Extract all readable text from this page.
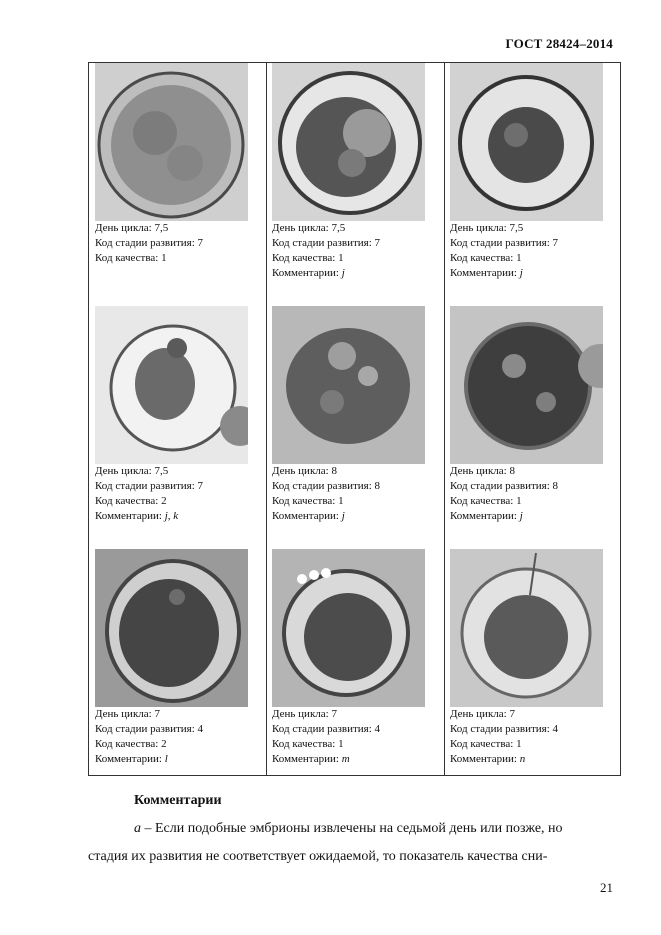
ГОСТ 28424–2014
День цикла: 7,5
Код стадии развития: 7
Код качества: 1
День цикла: 7,5
Код стадии развития: 7
Код качества: 1
Комментарии: j
День цикла: 7,5
Код стадии развития: 7
Код качества: 1
Комментарии: j
День цикла: 7,5
Код стадии развития: 7
Код качества: 2
Комментарии: j, k
День цикла: 8
Код стадии развития: 8
Код качества: 1
Комментарии: j
День цикла: 8
Код стадии развития: 8
Код качества: 1
Комментарии: j
День цикла: 7
Код стадии развития: 4
Код качества: 2
Комментарии: l
День цикла: 7
Код стадии развития: 4
Код качества: 1
Комментарии: m
День цикла: 7
Код стадии развития: 4
Код качества: 1
Комментарии: n
Комментарии
a – Если подобные эмбрионы извлечены на седьмой день или позже, но
стадия их развития не соответствует ожидаемой, то показатель качества сни-
21
